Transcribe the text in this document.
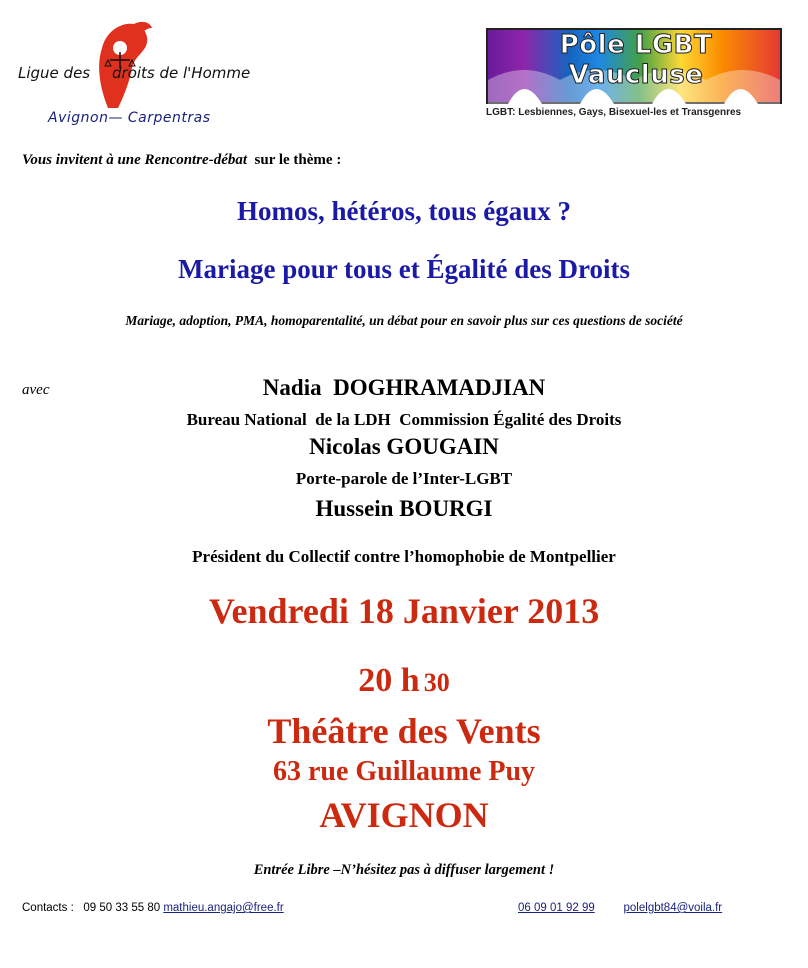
Ligue des droits de l'Homme
Avignon— Carpentras
Pôle LGBT Vaucluse
LGBT: Lesbiennes, Gays, Bisexuel-les et Transgenres
Vous invitent à une Rencontre-débat sur le thème :
Homos, hétéros, tous égaux ?
Mariage pour tous et Égalité des Droits
Mariage, adoption, PMA, homoparentalité, un débat pour en savoir plus sur ces questions de société
avec	Nadia  DOGHRAMADJIAN
Bureau National  de la LDH  Commission Égalité des Droits
Nicolas GOUGAIN
Porte-parole de l’Inter-LGBT
Hussein BOURGI
Président du Collectif contre l’homophobie de Montpellier
Vendredi 18 Janvier 2013
20 h 30
Théâtre des Vents
63 rue Guillaume Puy
AVIGNON
Entrée Libre –N’hésitez pas à diffuser largement !
Contacts : 09 50 33 55 80 mathieu.angajo@free.fr	06 09 01 92 99	polelgbt84@voila.fr
